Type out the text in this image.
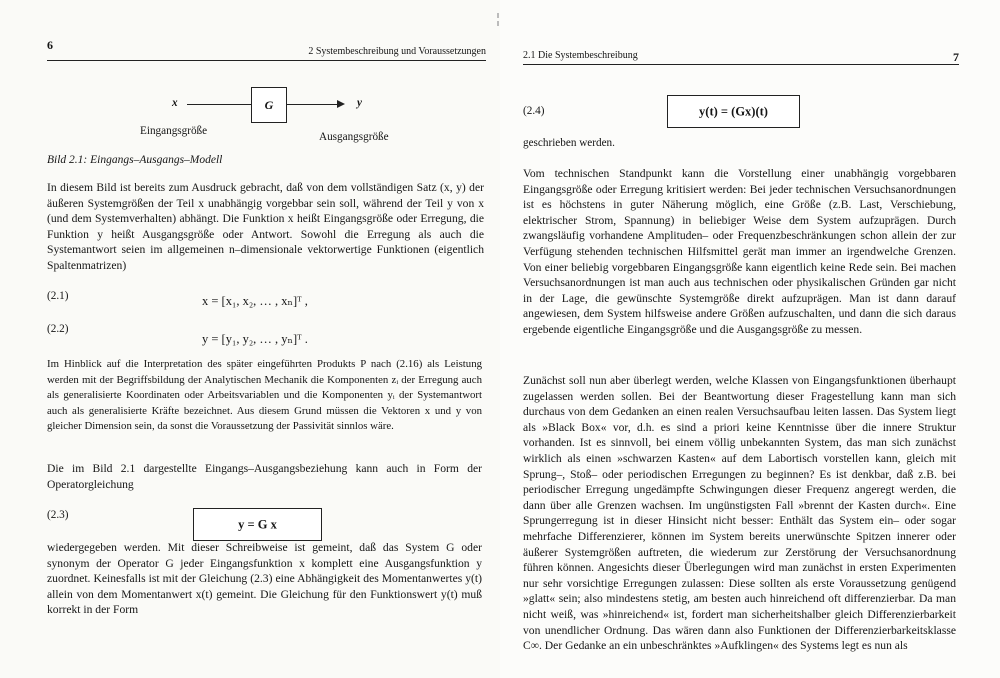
6	2 Systembeschreibung und Voraussetzungen
x	G	y
Eingangsgröße	Ausgangsgröße
Bild 2.1: Eingangs–Ausgangs–Modell

In diesem Bild ist bereits zum Ausdruck gebracht, daß von dem vollständigen Satz (x, y) der äußeren Systemgrößen der Teil x unabhängig vorgebbar sein soll, während der Teil y von x (und dem Systemverhalten) abhängt. Die Funktion x heißt Eingangsgröße oder Erregung, die Funktion y heißt Ausgangsgröße oder Antwort. Sowohl die Erregung als auch die Systemantwort seien im allgemeinen n–dimensionale vektorwertige Funktionen (eigentlich Spaltenmatrizen)

(2.1)	x = [x₁, x₂, … , xₙ]ᵀ ,
(2.2)
y = [y₁, y₂, … , yₙ]ᵀ .

Im Hinblick auf die Interpretation des später eingeführten Produkts P nach (2.16) als Leistung werden mit der Begriffsbildung der Analytischen Mechanik die Komponenten zᵢ der Erregung auch als generalisierte Koordinaten oder Arbeitsvariablen und die Komponenten yᵢ der Systemantwort auch als generalisierte Kräfte bezeichnet. Aus diesem Grund müssen die Vektoren x und y von gleicher Dimension sein, da sonst die Voraussetzung der Passivität sinnlos wäre.

Die im Bild 2.1 dargestellte Eingangs–Ausgangsbeziehung kann auch in Form der Operatorgleichung

(2.3)
y = G x

wiedergegeben werden. Mit dieser Schreibweise ist gemeint, daß das System G oder synonym der Operator G jeder Eingangsfunktion x komplett eine Ausgangsfunktion y zuordnet. Keinesfalls ist mit der Gleichung (2.3) eine Abhängigkeit des Momentanwertes y(t) allein von dem Momentanwert x(t) gemeint. Die Gleichung für den Funktionswert y(t) muß korrekt in der Form

2.1 Die Systembeschreibung	7
(2.4)	y(t) = (Gx)(t)
geschrieben werden.

Vom technischen Standpunkt kann die Vorstellung einer unabhängig vorgebbaren Eingangsgröße oder Erregung kritisiert werden: Bei jeder technischen Versuchsanordnungen ist es höchstens in guter Näherung möglich, eine Größe (z.B. Last, Verschiebung, elektrischer Strom, Spannung) in beliebiger Weise dem System aufzuprägen. Durch zwangsläufig vorhandene Amplituden– oder Frequenzbeschränkungen schon allein der zur Verfügung stehenden technischen Hilfsmittel gerät man immer an irgendwelche Grenzen. Von einer beliebig vorgebbaren Eingangsgröße kann eigentlich keine Rede sein. Bei machen Versuchsanordnungen ist man auch aus technischen oder physikalischen Gründen gar nicht in der Lage, die gewünschte Systemgröße direkt aufzuprägen. Man ist dann darauf angewiesen, dem System hilfsweise andere Größen aufzuschalten, und dann die sich daraus ergebende eigentliche Eingangsgröße und die Ausgangsgröße zu messen.

Zunächst soll nun aber überlegt werden, welche Klassen von Eingangsfunktionen überhaupt zugelassen werden sollen. Bei der Beantwortung dieser Fragestellung kann man sich durchaus von dem Gedanken an einen realen Versuchsaufbau leiten lassen. Das System liegt als »Black Box« vor, d.h. es sind a priori keine Kenntnisse über die innere Struktur vorhanden. Ist es sinnvoll, bei einem völlig unbekannten System, das man sich zunächst wirklich als einen »schwarzen Kasten« auf dem Labortisch vorstellen kann, gleich mit Sprung–, Stoß– oder periodischen Erregungen zu beginnen? Es ist denkbar, daß z.B. bei periodischer Erregung ungedämpfte Schwingungen dieser Frequenz angeregt werden, die dann über alle Grenzen wachsen. Im ungünstigsten Fall »brennt der Kasten durch«. Eine Sprungerregung ist in dieser Hinsicht nicht besser: Enthält das System ein– oder sogar mehrfache Differenzierer, können im System bereits unerwünschte Spitzen innerer oder äußerer Systemgrößen auftreten, die wiederum zur Zerstörung der Versuchsanordnung führen können. Angesichts dieser Überlegungen wird man zunächst in ersten Experimenten nur sehr vorsichtige Erregungen zulassen: Diese sollten als erste Voraussetzung genügend »glatt« sein; also mindestens stetig, am besten auch hinreichend oft differenzierbar. Da man nicht weiß, was »hinreichend« ist, fordert man sicherheitshalber gleich Differenzierbarkeit von unendlicher Ordnung. Das wären dann also Funktionen der Differenzierbarkeitsklasse C∞. Der Gedanke an ein unbeschränktes »Aufklingen« des Systems legt es nun als
